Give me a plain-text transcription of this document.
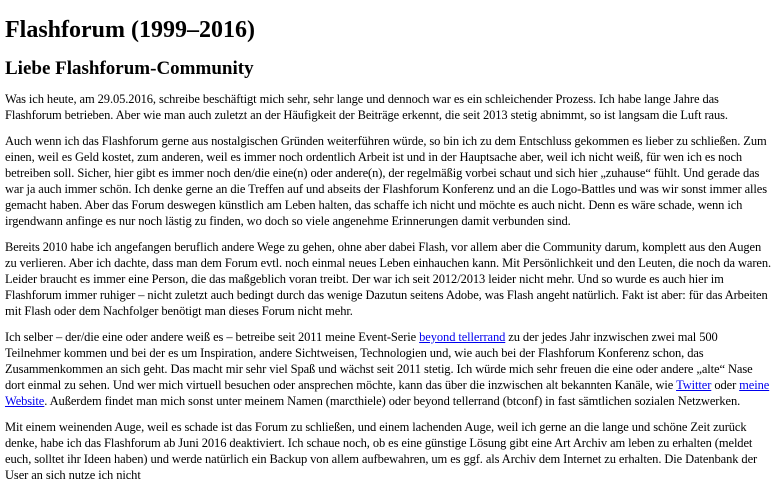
Flashforum (1999–2016)
Liebe Flashforum-Community

Was ich heute, am 29.05.2016, schreibe beschäftigt mich sehr, sehr lange und dennoch war es ein schleichender Prozess. Ich habe lange Jahre das Flashforum betrieben. Aber wie man auch zuletzt an der Häufigkeit der Beiträge erkennt, die seit 2013 stetig abnimmt, so ist langsam die Luft raus.

Auch wenn ich das Flashforum gerne aus nostalgischen Gründen weiterführen würde, so bin ich zu dem Entschluss gekommen es lieber zu schließen. Zum einen, weil es Geld kostet, zum anderen, weil es immer noch ordentlich Arbeit ist und in der Hauptsache aber, weil ich nicht weiß, für wen ich es noch betreiben soll. Sicher, hier gibt es immer noch den/die eine(n) oder andere(n), der regelmäßig vorbei schaut und sich hier „zuhause“ fühlt. Und gerade das war ja auch immer schön. Ich denke gerne an die Treffen auf und abseits der Flashforum Konferenz und an die Logo-Battles und was wir sonst immer alles gemacht haben. Aber das Forum deswegen künstlich am Leben halten, das schaffe ich nicht und möchte es auch nicht. Denn es wäre schade, wenn ich irgendwann anfinge es nur noch lästig zu finden, wo doch so viele angenehme Erinnerungen damit verbunden sind.

Bereits 2010 habe ich angefangen beruflich andere Wege zu gehen, ohne aber dabei Flash, vor allem aber die Community darum, komplett aus den Augen zu verlieren. Aber ich dachte, dass man dem Forum evtl. noch einmal neues Leben einhauchen kann. Mit Persönlichkeit und den Leuten, die noch da waren. Leider braucht es immer eine Person, die das maßgeblich voran treibt. Der war ich seit 2012/2013 leider nicht mehr. Und so wurde es auch hier im Flashforum immer ruhiger – nicht zuletzt auch bedingt durch das wenige Dazutun seitens Adobe, was Flash angeht natürlich. Fakt ist aber: für das Arbeiten mit Flash oder dem Nachfolger benötigt man dieses Forum nicht mehr.

Ich selber – der/die eine oder andere weiß es – betreibe seit 2011 meine Event-Serie beyond tellerrand zu der jedes Jahr inzwischen zwei mal 500 Teilnehmer kommen und bei der es um Inspiration, andere Sichtweisen, Technologien und, wie auch bei der Flashforum Konferenz schon, das Zusammenkommen an sich geht. Das macht mir sehr viel Spaß und wächst seit 2011 stetig. Ich würde mich sehr freuen die eine oder andere „alte“ Nase dort einmal zu sehen. Und wer mich virtuell besuchen oder ansprechen möchte, kann das über die inzwischen alt bekannten Kanäle, wie Twitter oder meine Website. Außerdem findet man mich sonst unter meinem Namen (marcthiele) oder beyond tellerrand (btconf) in fast sämtlichen sozialen Netzwerken.

Mit einem weinenden Auge, weil es schade ist das Forum zu schließen, und einem lachenden Auge, weil ich gerne an die lange und schöne Zeit zurück denke, habe ich das Flashforum ab Juni 2016 deaktiviert. Ich schaue noch, ob es eine günstige Lösung gibt eine Art Archiv am leben zu erhalten (meldet euch, solltet ihr Ideen haben) und werde natürlich ein Backup von allem aufbewahren, um es ggf. als Archiv dem Internet zu erhalten. Die Datenbank der User an sich nutze ich nicht
